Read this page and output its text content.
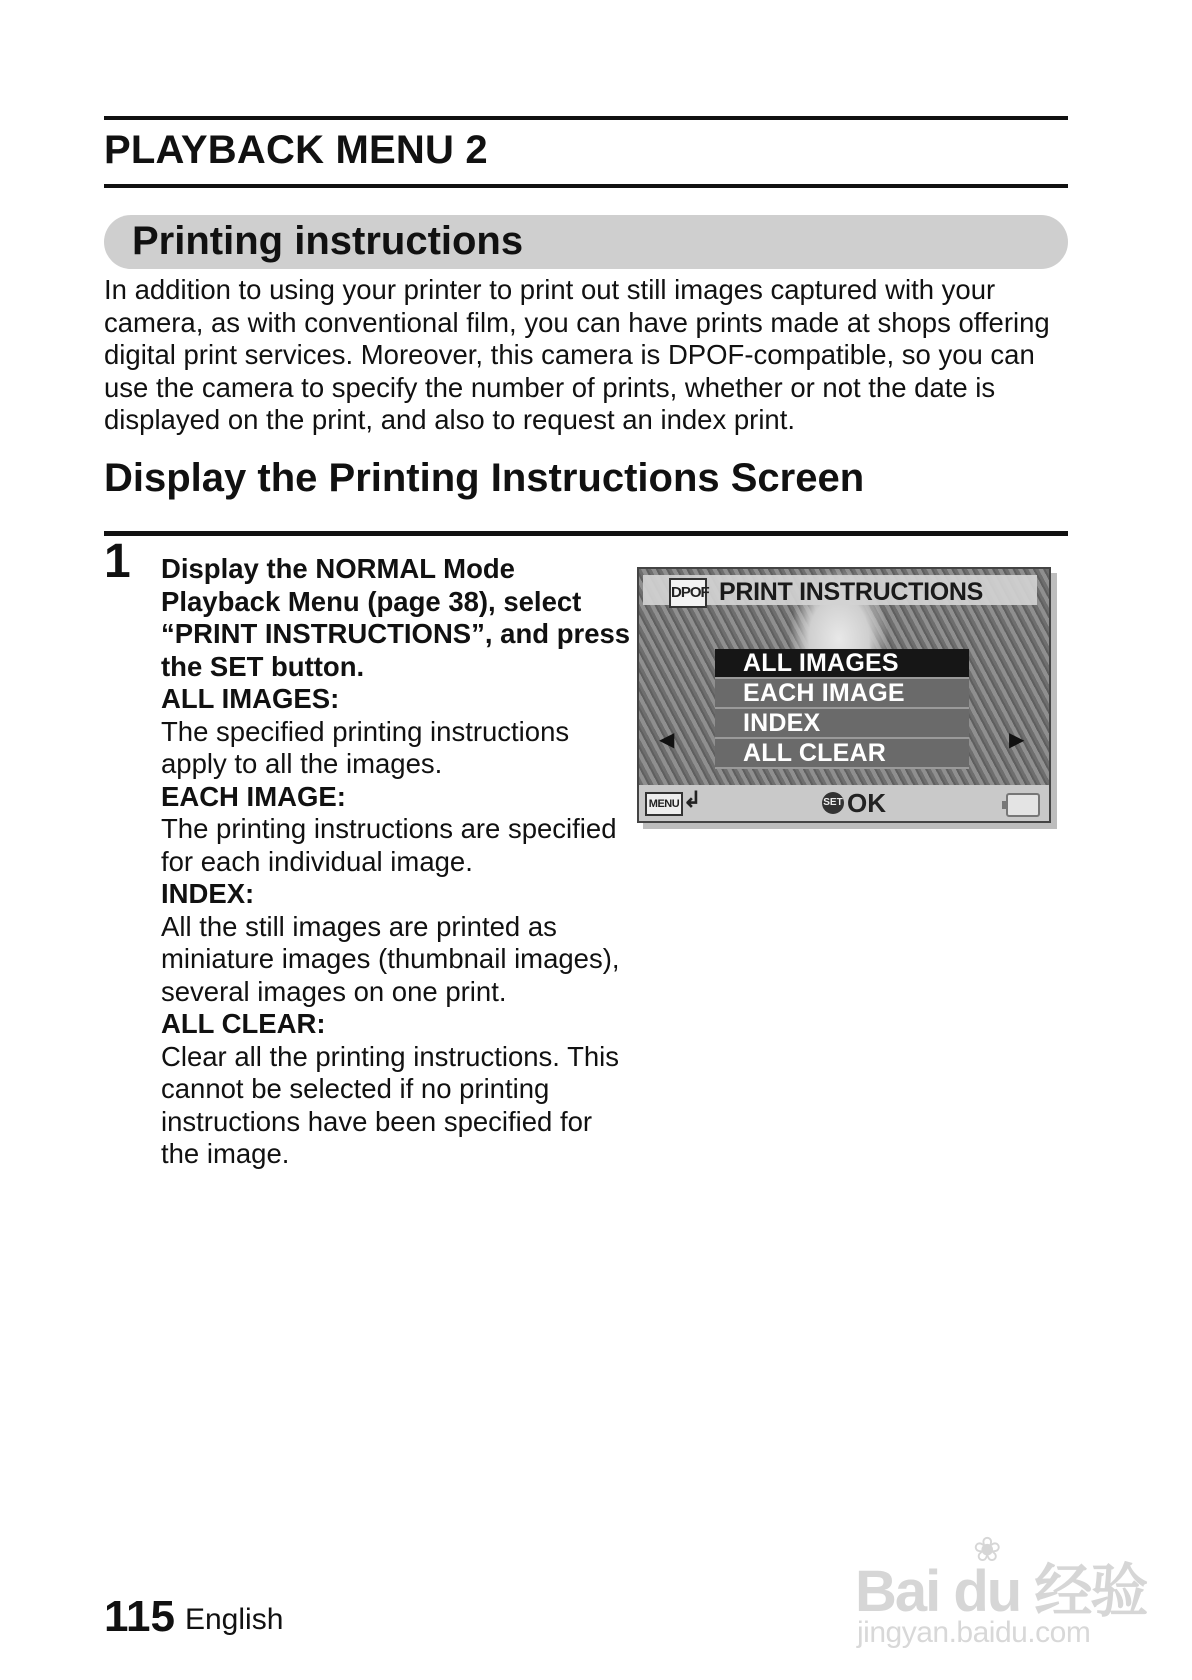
PLAYBACK MENU 2
Printing instructions

In addition to using your printer to print out still images captured with your camera, as with conventional film, you can have prints made at shops offering digital print services. Moreover, this camera is DPOF-compatible, so you can use the camera to specify the number of prints, whether or not the date is displayed on the print, and also to request an index print.

Display the Printing Instructions Screen
1 Display the NORMAL Mode Playback Menu (page 38), select “PRINT INSTRUCTIONS”, and press the SET button.

ALL IMAGES:

The specified printing instructions apply to all the images.

EACH IMAGE:

The printing instructions are specified for each individual image.

INDEX:

All the still images are printed as miniature images (thumbnail images), several images on one print.

ALL CLEAR:

Clear all the printing instructions. This cannot be selected if no printing instructions have been specified for the image.

DPOF PRINT INSTRUCTIONS
ALL IMAGES
EACH IMAGE
INDEX
ALL CLEAR
◀	▶
MENU ↲	SET OK
115 English
❀
Bai du 经验
jingyan.baidu.com
